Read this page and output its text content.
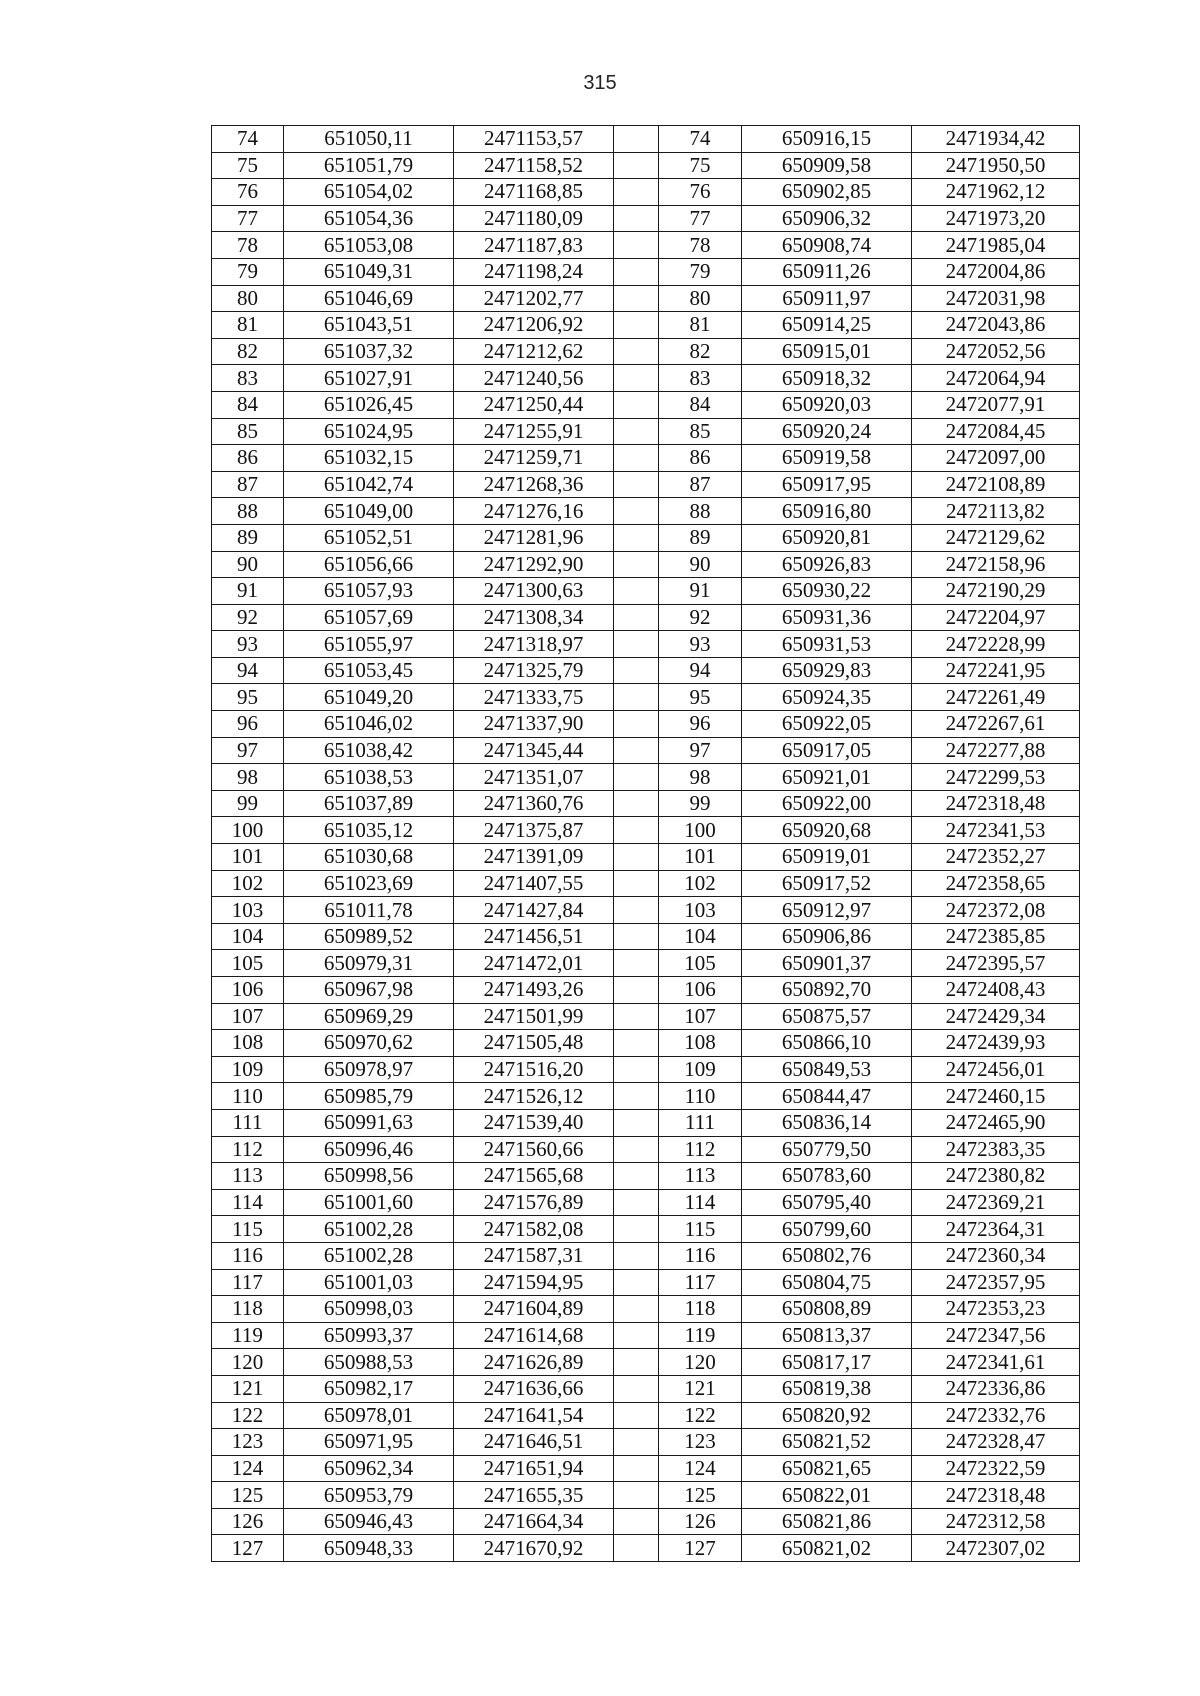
315
74	651050,11	2471153,57		74	650916,15	2471934,42
75	651051,79	2471158,52		75	650909,58	2471950,50
76	651054,02	2471168,85		76	650902,85	2471962,12
77	651054,36	2471180,09		77	650906,32	2471973,20
78	651053,08	2471187,83		78	650908,74	2471985,04
79	651049,31	2471198,24		79	650911,26	2472004,86
80	651046,69	2471202,77		80	650911,97	2472031,98
81	651043,51	2471206,92		81	650914,25	2472043,86
82	651037,32	2471212,62		82	650915,01	2472052,56
83	651027,91	2471240,56		83	650918,32	2472064,94
84	651026,45	2471250,44		84	650920,03	2472077,91
85	651024,95	2471255,91		85	650920,24	2472084,45
86	651032,15	2471259,71		86	650919,58	2472097,00
87	651042,74	2471268,36		87	650917,95	2472108,89
88	651049,00	2471276,16		88	650916,80	2472113,82
89	651052,51	2471281,96		89	650920,81	2472129,62
90	651056,66	2471292,90		90	650926,83	2472158,96
91	651057,93	2471300,63		91	650930,22	2472190,29
92	651057,69	2471308,34		92	650931,36	2472204,97
93	651055,97	2471318,97		93	650931,53	2472228,99
94	651053,45	2471325,79		94	650929,83	2472241,95
95	651049,20	2471333,75		95	650924,35	2472261,49
96	651046,02	2471337,90		96	650922,05	2472267,61
97	651038,42	2471345,44		97	650917,05	2472277,88
98	651038,53	2471351,07		98	650921,01	2472299,53
99	651037,89	2471360,76		99	650922,00	2472318,48
100	651035,12	2471375,87		100	650920,68	2472341,53
101	651030,68	2471391,09		101	650919,01	2472352,27
102	651023,69	2471407,55		102	650917,52	2472358,65
103	651011,78	2471427,84		103	650912,97	2472372,08
104	650989,52	2471456,51		104	650906,86	2472385,85
105	650979,31	2471472,01		105	650901,37	2472395,57
106	650967,98	2471493,26		106	650892,70	2472408,43
107	650969,29	2471501,99		107	650875,57	2472429,34
108	650970,62	2471505,48		108	650866,10	2472439,93
109	650978,97	2471516,20		109	650849,53	2472456,01
110	650985,79	2471526,12		110	650844,47	2472460,15
111	650991,63	2471539,40		111	650836,14	2472465,90
112	650996,46	2471560,66		112	650779,50	2472383,35
113	650998,56	2471565,68		113	650783,60	2472380,82
114	651001,60	2471576,89		114	650795,40	2472369,21
115	651002,28	2471582,08		115	650799,60	2472364,31
116	651002,28	2471587,31		116	650802,76	2472360,34
117	651001,03	2471594,95		117	650804,75	2472357,95
118	650998,03	2471604,89		118	650808,89	2472353,23
119	650993,37	2471614,68		119	650813,37	2472347,56
120	650988,53	2471626,89		120	650817,17	2472341,61
121	650982,17	2471636,66		121	650819,38	2472336,86
122	650978,01	2471641,54		122	650820,92	2472332,76
123	650971,95	2471646,51		123	650821,52	2472328,47
124	650962,34	2471651,94		124	650821,65	2472322,59
125	650953,79	2471655,35		125	650822,01	2472318,48
126	650946,43	2471664,34		126	650821,86	2472312,58
127	650948,33	2471670,92		127	650821,02	2472307,02
